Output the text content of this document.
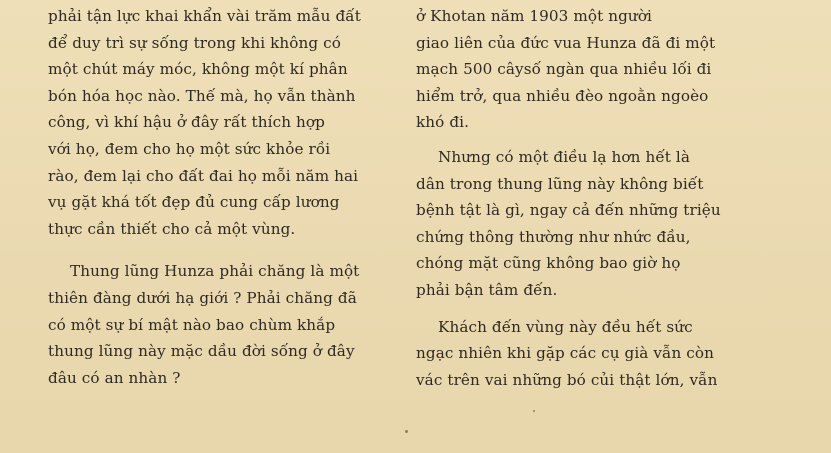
phải tận lực khai khẩn vài trăm mẫu đất
để duy trì sự sống trong khi không có
một chút máy móc, không một kí phân
bón hóa học nào. Thế mà, họ vẫn thành
công, vì khí hậu ở đây rất thích hợp
với họ, đem cho họ một sức khỏe rồi
rào, đem lại cho đất đai họ mỗi năm hai
vụ gặt khá tốt đẹp đủ cung cấp lương
thực cần thiết cho cả một vùng.
Thung lũng Hunza phải chăng là một
thiên đàng dưới hạ giới ? Phải chăng đã
có một sự bí mật nào bao chùm khắp
thung lũng này mặc dầu đời sống ở đây
đâu có an nhàn ?
ở Khotan năm 1903 một người
giao liên của đức vua Hunza đã đi một
mạch 500 câysố ngàn qua nhiều lối đi
hiểm trở, qua nhiều đèo ngoằn ngoèo
khó đi.
Nhưng có một điều lạ hơn hết là
dân trong thung lũng này không biết
bệnh tật là gì, ngay cả đến những triệu
chứng thông thường như nhức đầu,
chóng mặt cũng không bao giờ họ
phải bận tâm đến.
Khách đến vùng này đều hết sức
ngạc nhiên khi gặp các cụ già vẫn còn
vác trên vai những bó củi thật lớn, vẫn
